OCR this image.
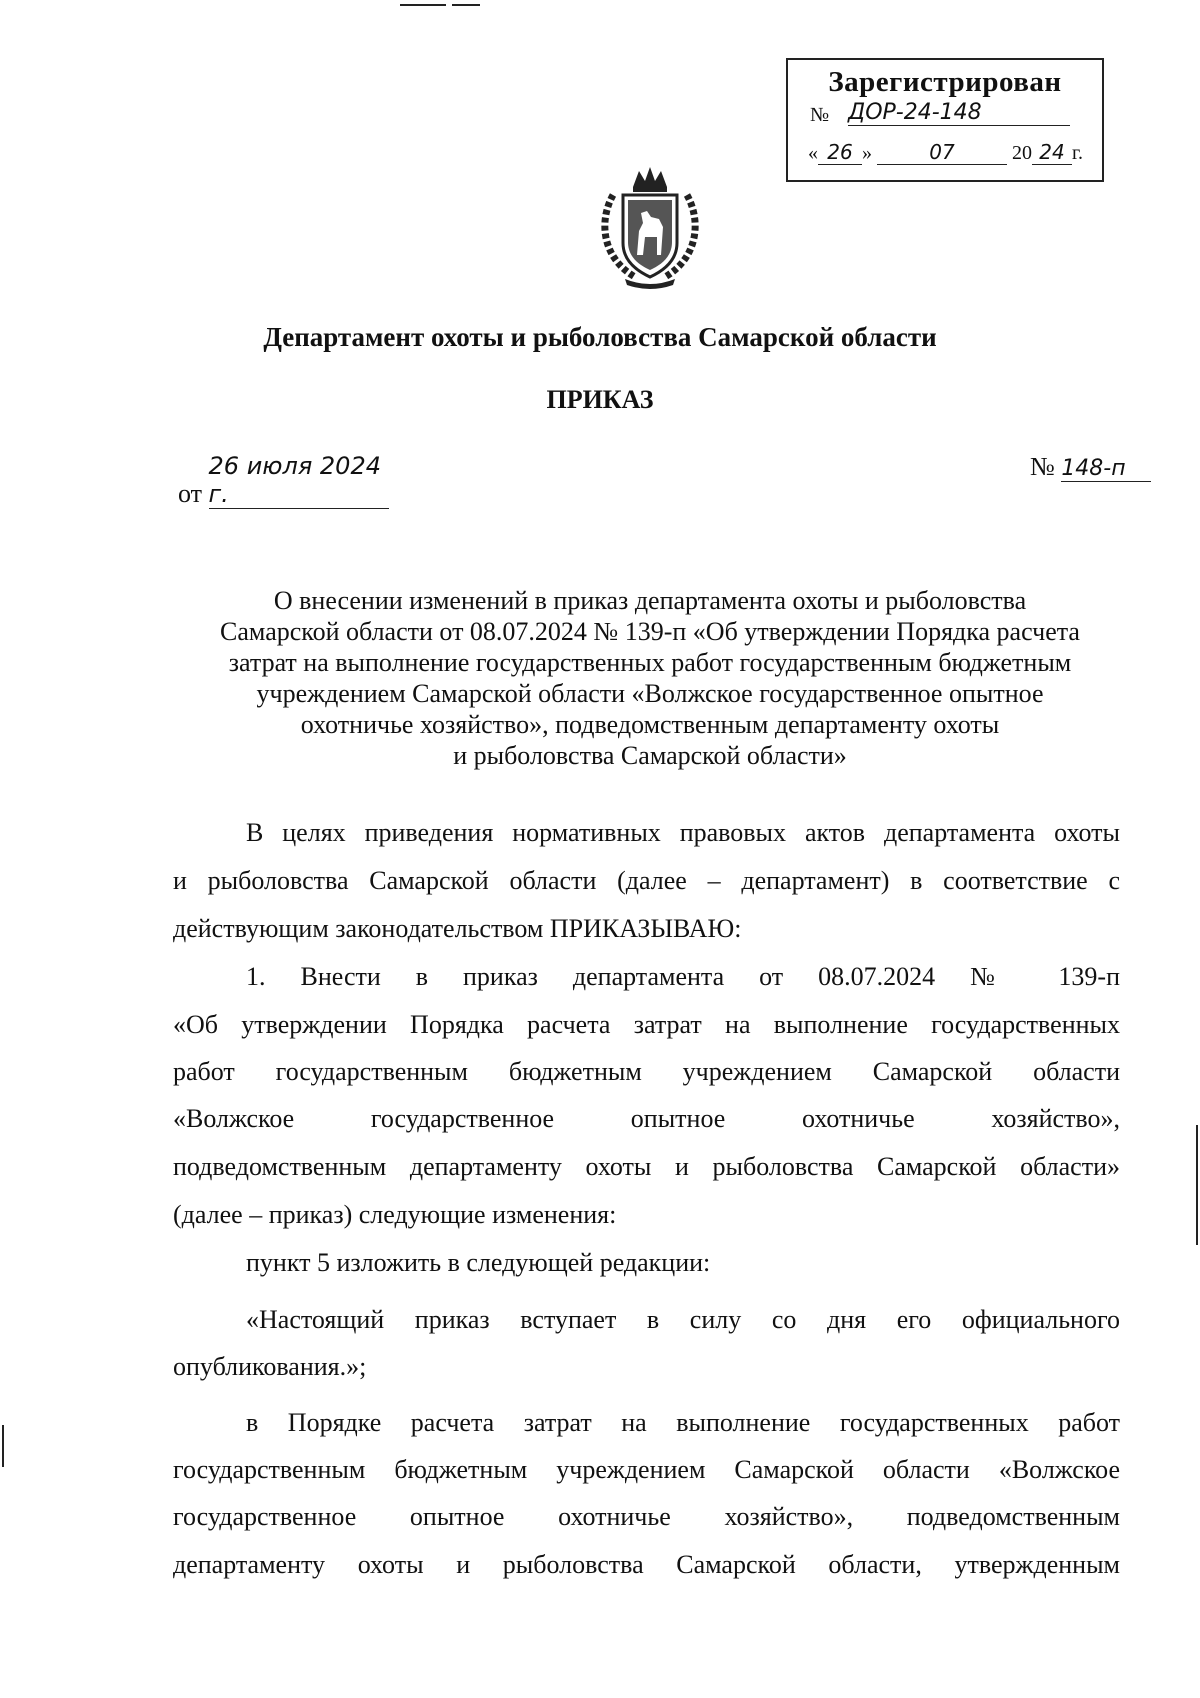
Зарегистрирован
№ ДОР-24-148
« 26 »	07	20 24 г.
Департамент охоты и рыболовства Самарской области
ПРИКАЗ
от 26 июля 2024 г.
№ 148-п
О внесении изменений в приказ департамента охоты и рыболовства
Самарской области от 08.07.2024 № 139-п «Об утверждении Порядка расчета
затрат на выполнение государственных работ государственным бюджетным
учреждением Самарской области «Волжское государственное опытное
охотничье хозяйство», подведомственным департаменту охоты
и рыболовства Самарской области»
В целях приведения нормативных правовых актов департамента охоты
и рыболовства Самарской области (далее – департамент) в соответствие с
действующим законодательством ПРИКАЗЫВАЮ:
1. Внести в приказ департамента от 08.07.2024 № 139-п
«Об утверждении Порядка расчета затрат на выполнение государственных
работ государственным бюджетным учреждением Самарской области
«Волжское государственное опытное охотничье хозяйство»,
подведомственным департаменту охоты и рыболовства Самарской области»
(далее – приказ) следующие изменения:
пункт 5 изложить в следующей редакции:
«Настоящий приказ вступает в силу со дня его официального
опубликования.»;
в Порядке расчета затрат на выполнение государственных работ
государственным бюджетным учреждением Самарской области «Волжское
государственное опытное охотничье хозяйство», подведомственным
департаменту охоты и рыболовства Самарской области, утвержденным
